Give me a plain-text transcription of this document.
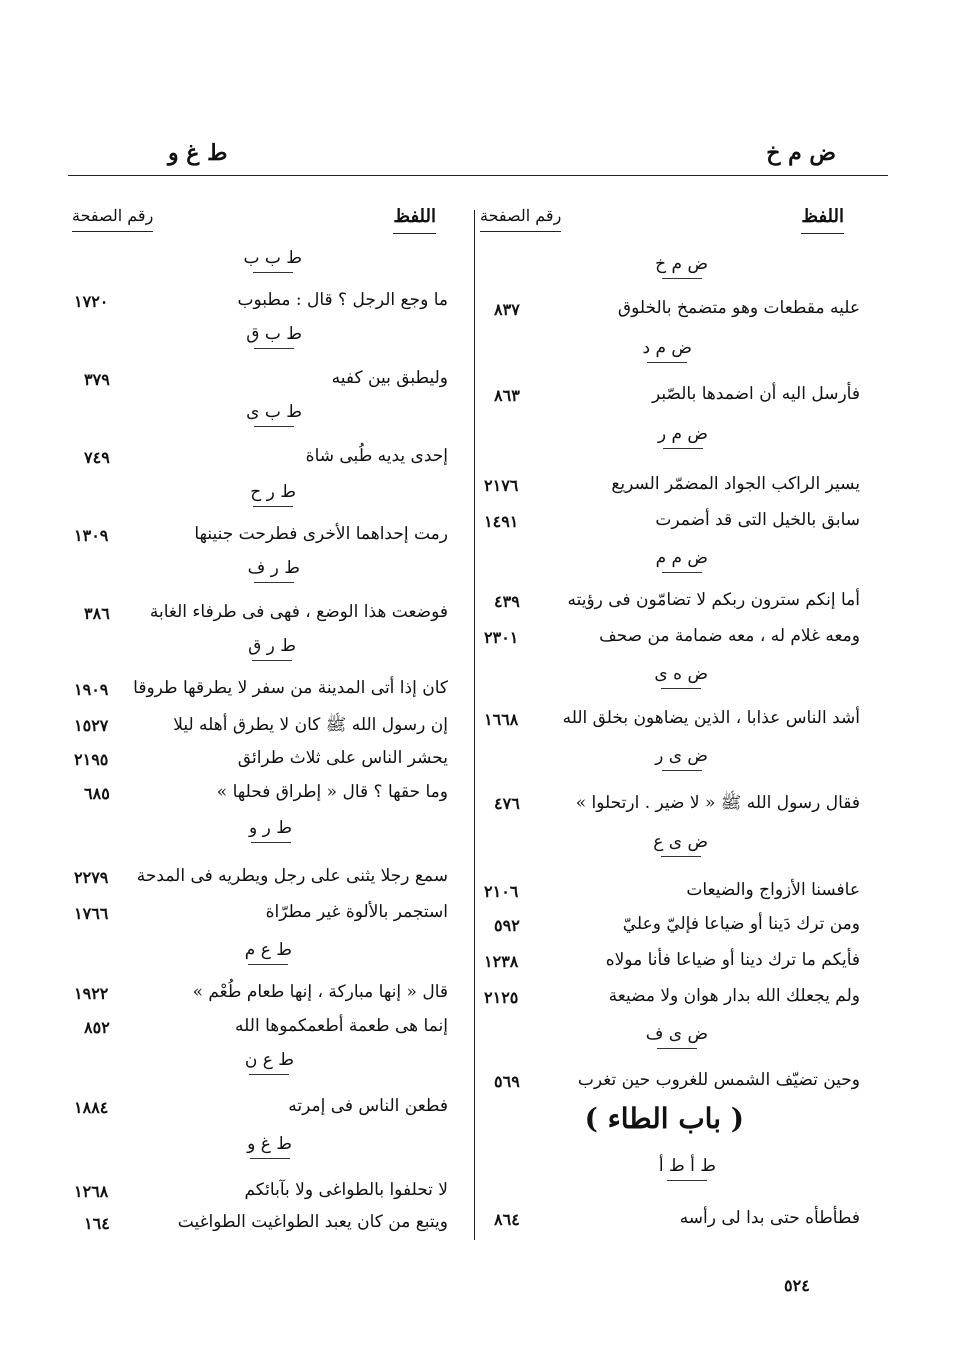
ض م خ
ط غ و
اللفظ
رقم الصفحة
اللفظ
رقم الصفحة
ض م خ
عليه مقطعات وهو متضمخ بالخلوق
٨٣٧
ض م د
فأرسل اليه أن اضمدها بالصّبر
٨٦٣
ض م ر
يسير الراكب الجواد المضمّر السريع
٢١٧٦
سابق بالخيل التى قد أضمرت
١٤٩١
ض م م
أما إنكم سترون ربكم لا تضامّون فى رؤيته
٤٣٩
ومعه غلام له ، معه ضمامة من صحف
٢٣٠١
ض ه ى
أشد الناس عذابا ، الذين يضاهون بخلق الله
١٦٦٨
ض ى ر
فقال رسول الله ﷺ « لا ضير . ارتحلوا »
٤٧٦
ض ى ع
عافسنا الأزواج والضيعات
٢١٠٦
ومن ترك دَينا أو ضياعا فإليّ وعليّ
٥٩٢
فأيكم ما ترك دينا أو ضياعا فأنا مولاه
١٢٣٨
ولم يجعلك الله بدار هوان ولا مضيعة
٢١٢٥
ض ى ف
وحين تضيّف الشمس للغروب حين تغرب
٥٦٩
( باب الطاء )
ط أ ط أ
فطأطأه حتى بدا لى رأسه
٨٦٤
ط ب ب
ما وجع الرجل ؟ قال : مطبوب
١٧٢٠
ط ب ق
وليطبق بين كفيه
٣٧٩
ط ب ى
إحدى يديه طُبى شاة
٧٤٩
ط ر ح
رمت إحداهما الأخرى فطرحت جنينها
١٣٠٩
ط ر ف
فوضعت هذا الوضع ، فهى فى طرفاء الغابة
٣٨٦
ط ر ق
كان إذا أتى المدينة من سفر لا يطرقها طروقا
١٩٠٩
إن رسول الله ﷺ كان لا يطرق أهله ليلا
١٥٢٧
يحشر الناس على ثلاث طرائق
٢١٩٥
وما حقها ؟ قال « إطراق فحلها »
٦٨٥
ط ر و
سمع رجلا يثنى على رجل ويطريه فى المدحة
٢٢٧٩
استجمر بالألوة غير مطرّاة
١٧٦٦
ط ع م
قال « إنها مباركة ، إنها طعام طُعْم »
١٩٢٢
إنما هى طعمة أطعمكموها الله
٨٥٢
ط ع ن
فطعن الناس فى إمرته
١٨٨٤
ط غ و
لا تحلفوا بالطواغى ولا بآبائكم
١٢٦٨
ويتبع من كان يعبد الطواغيت الطواغيت
١٦٤
٥٢٤
